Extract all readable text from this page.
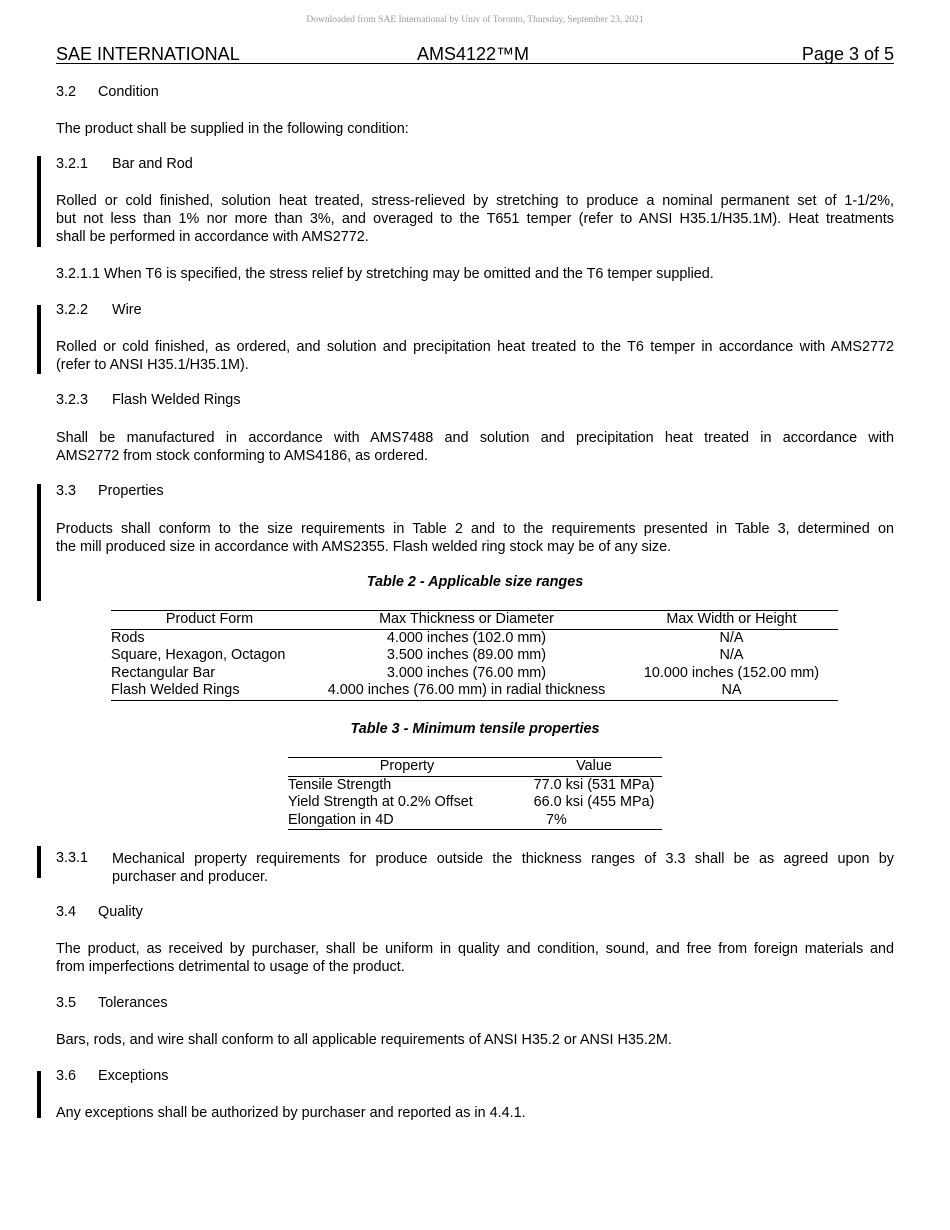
Downloaded from SAE International by Univ of Toronto, Thursday, September 23, 2021
SAE INTERNATIONAL	AMS4122™M	Page 3 of 5
3.2 Condition
The product shall be supplied in the following condition:
3.2.1 Bar and Rod
Rolled or cold finished, solution heat treated, stress-relieved by stretching to produce a nominal permanent set of 1-1/2%,
but not less than 1% nor more than 3%, and overaged to the T651 temper (refer to ANSI H35.1/H35.1M). Heat treatments
shall be performed in accordance with AMS2772.
3.2.1.1 When T6 is specified, the stress relief by stretching may be omitted and the T6 temper supplied.
3.2.2 Wire
Rolled or cold finished, as ordered, and solution and precipitation heat treated to the T6 temper in accordance with AMS2772
(refer to ANSI H35.1/H35.1M).
3.2.3 Flash Welded Rings
Shall be manufactured in accordance with AMS7488 and solution and precipitation heat treated in accordance with
AMS2772 from stock conforming to AMS4186, as ordered.
3.3 Properties
Products shall conform to the size requirements in Table 2 and to the requirements presented in Table 3, determined on
the mill produced size in accordance with AMS2355. Flash welded ring stock may be of any size.
Table 2 - Applicable size ranges
Product Form	Max Thickness or Diameter	Max Width or Height
Rods	4.000 inches (102.0 mm)	N/A
Square, Hexagon, Octagon	3.500 inches (89.00 mm)	N/A
Rectangular Bar	3.000 inches (76.00 mm)	10.000 inches (152.00 mm)
Flash Welded Rings	4.000 inches (76.00 mm) in radial thickness	NA
Table 3 - Minimum tensile properties
Property	Value
Tensile Strength	77.0 ksi (531 MPa)
Yield Strength at 0.2% Offset	66.0 ksi (455 MPa)
Elongation in 4D	7%
3.3.1 Mechanical property requirements for produce outside the thickness ranges of 3.3 shall be as agreed upon by
purchaser and producer.
3.4 Quality
The product, as received by purchaser, shall be uniform in quality and condition, sound, and free from foreign materials and
from imperfections detrimental to usage of the product.
3.5 Tolerances
Bars, rods, and wire shall conform to all applicable requirements of ANSI H35.2 or ANSI H35.2M.
3.6 Exceptions
Any exceptions shall be authorized by purchaser and reported as in 4.4.1.
